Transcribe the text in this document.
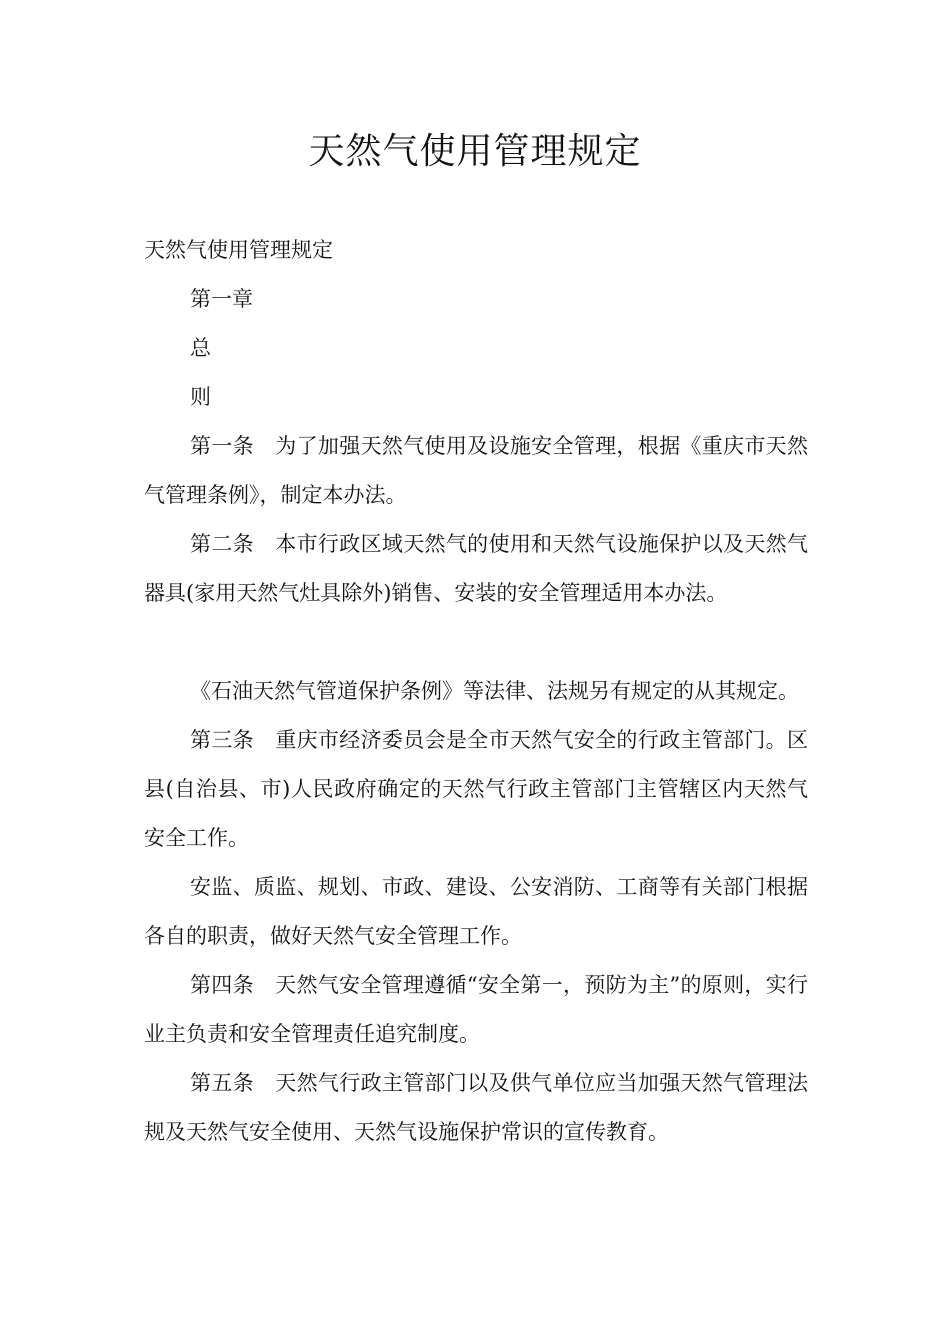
天然气使用管理规定

天然气使用管理规定

第一章

总

则

第一条　为了加强天然气使用及设施安全管理，根据《重庆市天然气管理条例》，制定本办法。

第二条　本市行政区域天然气的使用和天然气设施保护以及天然气器具(家用天然气灶具除外)销售、安装的安全管理适用本办法。

《石油天然气管道保护条例》等法律、法规另有规定的从其规定。

第三条　重庆市经济委员会是全市天然气安全的行政主管部门。区县(自治县、市)人民政府确定的天然气行政主管部门主管辖区内天然气安全工作。

安监、质监、规划、市政、建设、公安消防、工商等有关部门根据各自的职责，做好天然气安全管理工作。

第四条　天然气安全管理遵循“安全第一，预防为主”的原则，实行业主负责和安全管理责任追究制度。

第五条　天然气行政主管部门以及供气单位应当加强天然气管理法规及天然气安全使用、天然气设施保护常识的宣传教育。
